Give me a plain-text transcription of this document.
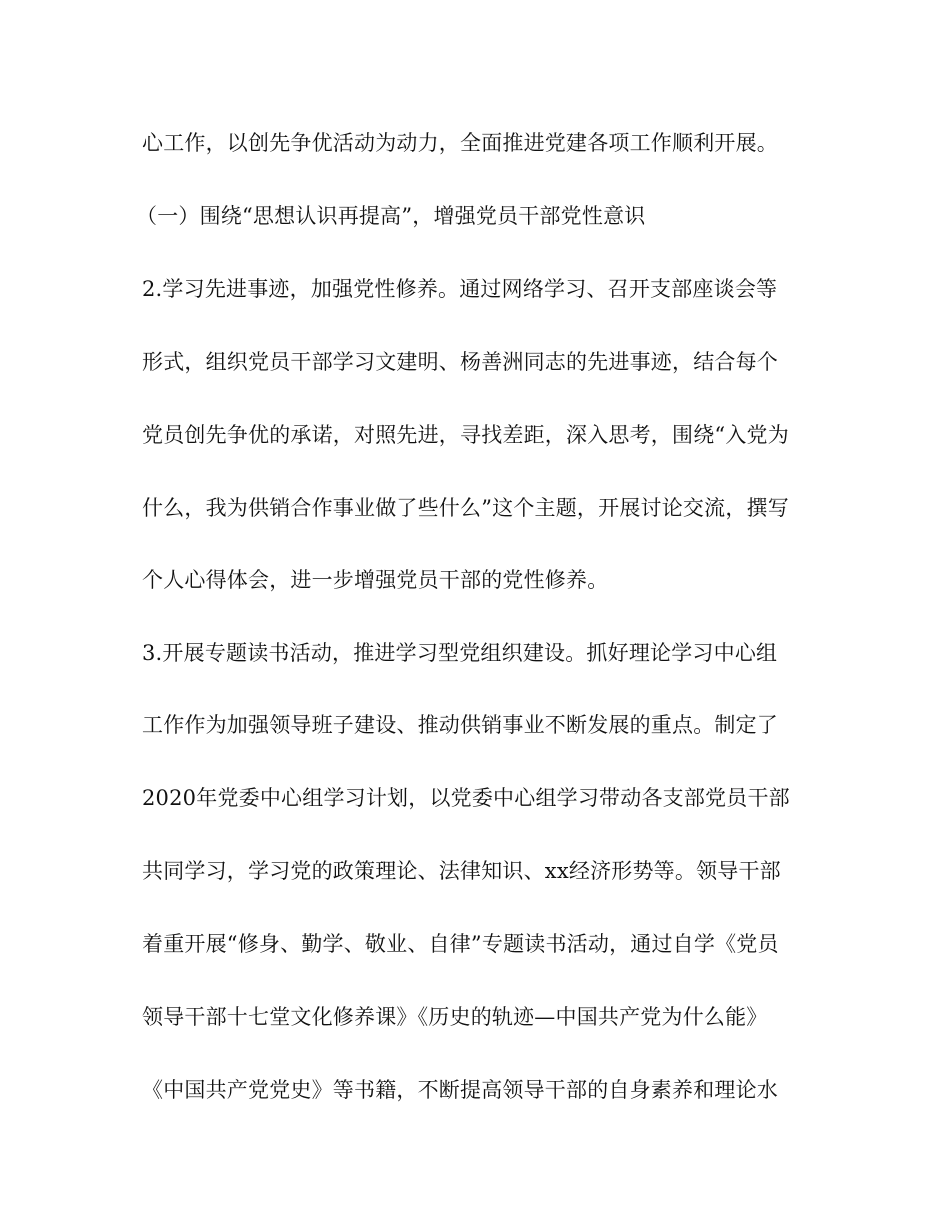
心工作，以创先争优活动为动力，全面推进党建各项工作顺利开展。
（一）围绕“思想认识再提高”，增强党员干部党性意识
2.学习先进事迹，加强党性修养。通过网络学习、召开支部座谈会等
形式，组织党员干部学习文建明、杨善洲同志的先进事迹，结合每个
党员创先争优的承诺，对照先进，寻找差距，深入思考，围绕“入党为
什么，我为供销合作事业做了些什么”这个主题，开展讨论交流，撰写
个人心得体会，进一步增强党员干部的党性修养。
3.开展专题读书活动，推进学习型党组织建设。抓好理论学习中心组
工作作为加强领导班子建设、推动供销事业不断发展的重点。制定了
2020年党委中心组学习计划，以党委中心组学习带动各支部党员干部
共同学习，学习党的政策理论、法律知识、xx经济形势等。领导干部
着重开展“修身、勤学、敬业、自律”专题读书活动，通过自学《党员
领导干部十七堂文化修养课》《历史的轨迹—中国共产党为什么能》
《中国共产党党史》等书籍，不断提高领导干部的自身素养和理论水
